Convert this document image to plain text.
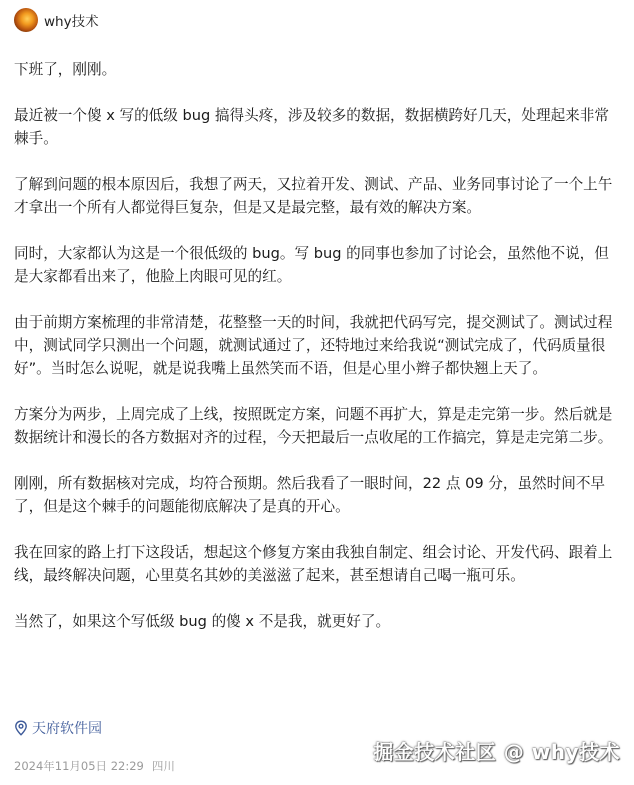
why技术

下班了，刚刚。

最近被一个傻 x 写的低级 bug 搞得头疼，涉及较多的数据，数据横跨好几天，处理起来非常棘手。

了解到问题的根本原因后，我想了两天，又拉着开发、测试、产品、业务同事讨论了一个上午才拿出一个所有人都觉得巨复杂，但是又是最完整，最有效的解决方案。

同时，大家都认为这是一个很低级的 bug。写 bug 的同事也参加了讨论会，虽然他不说，但是大家都看出来了，他脸上肉眼可见的红。

由于前期方案梳理的非常清楚，花整整一天的时间，我就把代码写完，提交测试了。测试过程中，测试同学只测出一个问题，就测试通过了，还特地过来给我说“测试完成了，代码质量很好”。当时怎么说呢，就是说我嘴上虽然笑而不语，但是心里小辫子都快翘上天了。

方案分为两步，上周完成了上线，按照既定方案，问题不再扩大，算是走完第一步。然后就是数据统计和漫长的各方数据对齐的过程，今天把最后一点收尾的工作搞完，算是走完第二步。

刚刚，所有数据核对完成，均符合预期。然后我看了一眼时间，22 点 09 分，虽然时间不早了，但是这个棘手的问题能彻底解决了是真的开心。

我在回家的路上打下这段话，想起这个修复方案由我独自制定、组会讨论、开发代码、跟着上线，最终解决问题，心里莫名其妙的美滋滋了起来，甚至想请自己喝一瓶可乐。

当然了，如果这个写低级 bug 的傻 x 不是我，就更好了。

天府软件园
2024年11月05日 22:29 四川
掘金技术社区 @ why技术
